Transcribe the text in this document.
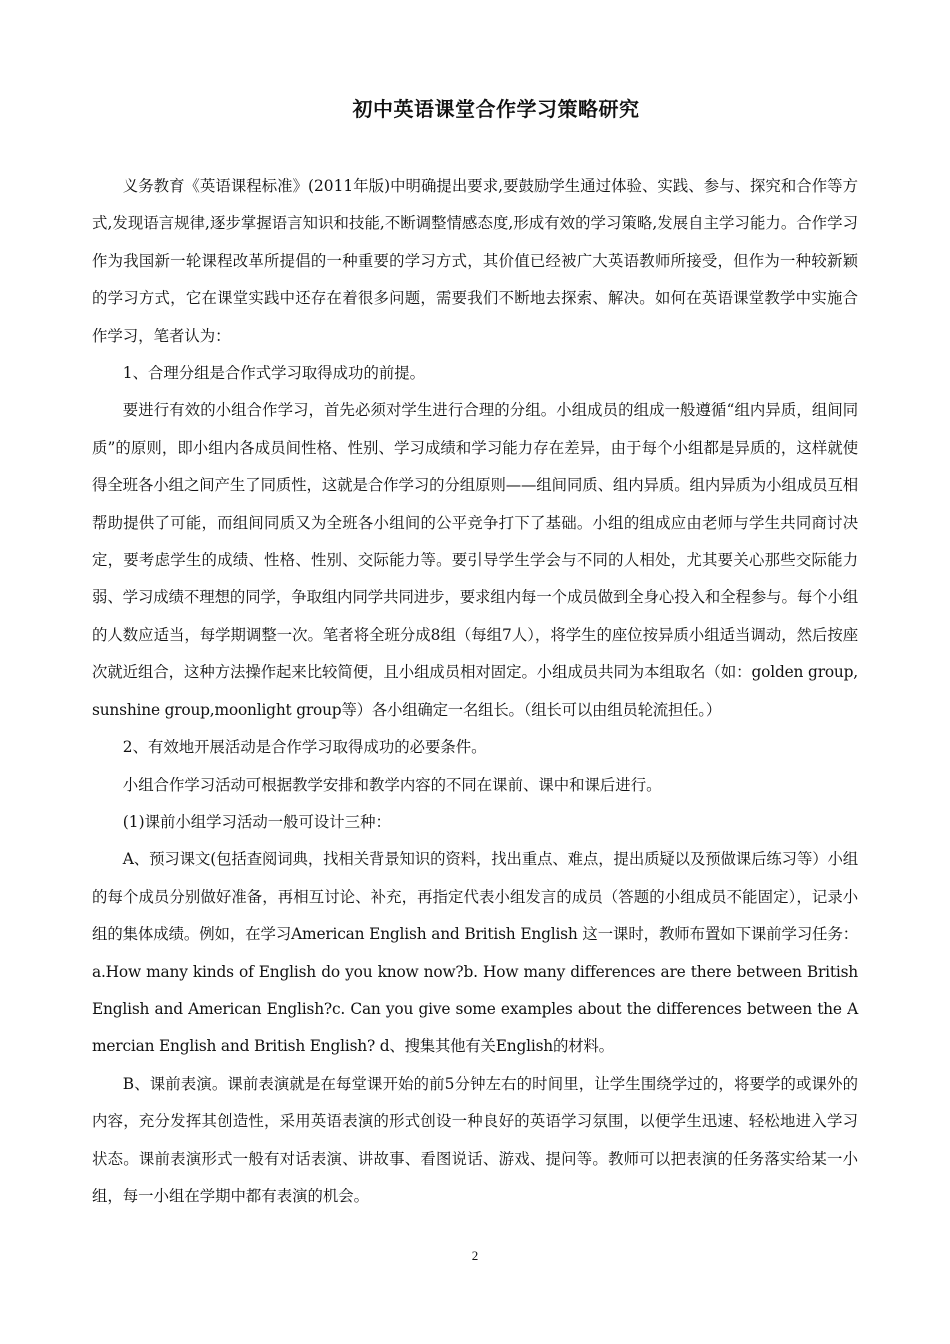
初中英语课堂合作学习策略研究

义务教育《英语课程标准》(2011年版)中明确提出要求,要鼓励学生通过体验、实践、参与、探究和合作等方式,发现语言规律,逐步掌握语言知识和技能,不断调整情感态度,形成有效的学习策略,发展自主学习能力。合作学习作为我国新一轮课程改革所提倡的一种重要的学习方式，其价值已经被广大英语教师所接受，但作为一种较新颖的学习方式，它在课堂实践中还存在着很多问题，需要我们不断地去探索、解决。如何在英语课堂教学中实施合作学习，笔者认为：

1、合理分组是合作式学习取得成功的前提。

要进行有效的小组合作学习，首先必须对学生进行合理的分组。小组成员的组成一般遵循“组内异质，组间同质”的原则，即小组内各成员间性格、性别、学习成绩和学习能力存在差异，由于每个小组都是异质的，这样就使得全班各小组之间产生了同质性，这就是合作学习的分组原则——组间同质、组内异质。组内异质为小组成员互相帮助提供了可能，而组间同质又为全班各小组间的公平竞争打下了基础。小组的组成应由老师与学生共同商讨决定，要考虑学生的成绩、性格、性别、交际能力等。要引导学生学会与不同的人相处，尤其要关心那些交际能力弱、学习成绩不理想的同学，争取组内同学共同进步，要求组内每一个成员做到全身心投入和全程参与。每个小组的人数应适当，每学期调整一次。笔者将全班分成8组（每组7人），将学生的座位按异质小组适当调动，然后按座次就近组合，这种方法操作起来比较简便，且小组成员相对固定。小组成员共同为本组取名（如：golden group,sunshine group,moonlight group等）各小组确定一名组长。（组长可以由组员轮流担任。）

2、有效地开展活动是合作学习取得成功的必要条件。

小组合作学习活动可根据教学安排和教学内容的不同在课前、课中和课后进行。

(1)课前小组学习活动一般可设计三种：

A、预习课文(包括查阅词典，找相关背景知识的资料，找出重点、难点，提出质疑以及预做课后练习等）小组的每个成员分别做好准备，再相互讨论、补充，再指定代表小组发言的成员（答题的小组成员不能固定），记录小组的集体成绩。例如，在学习American English and British English 这一课时，教师布置如下课前学习任务：a.How many kinds of English do you know now?b. How many differences are there between British English and American English?c. Can you give some examples about the differences between the Amercian English and British English? d、搜集其他有关English的材料。

B、课前表演。课前表演就是在每堂课开始的前5分钟左右的时间里，让学生围绕学过的，将要学的或课外的内容，充分发挥其创造性，采用英语表演的形式创设一种良好的英语学习氛围，以便学生迅速、轻松地进入学习状态。课前表演形式一般有对话表演、讲故事、看图说话、游戏、提问等。教师可以把表演的任务落实给某一小组，每一小组在学期中都有表演的机会。

2
